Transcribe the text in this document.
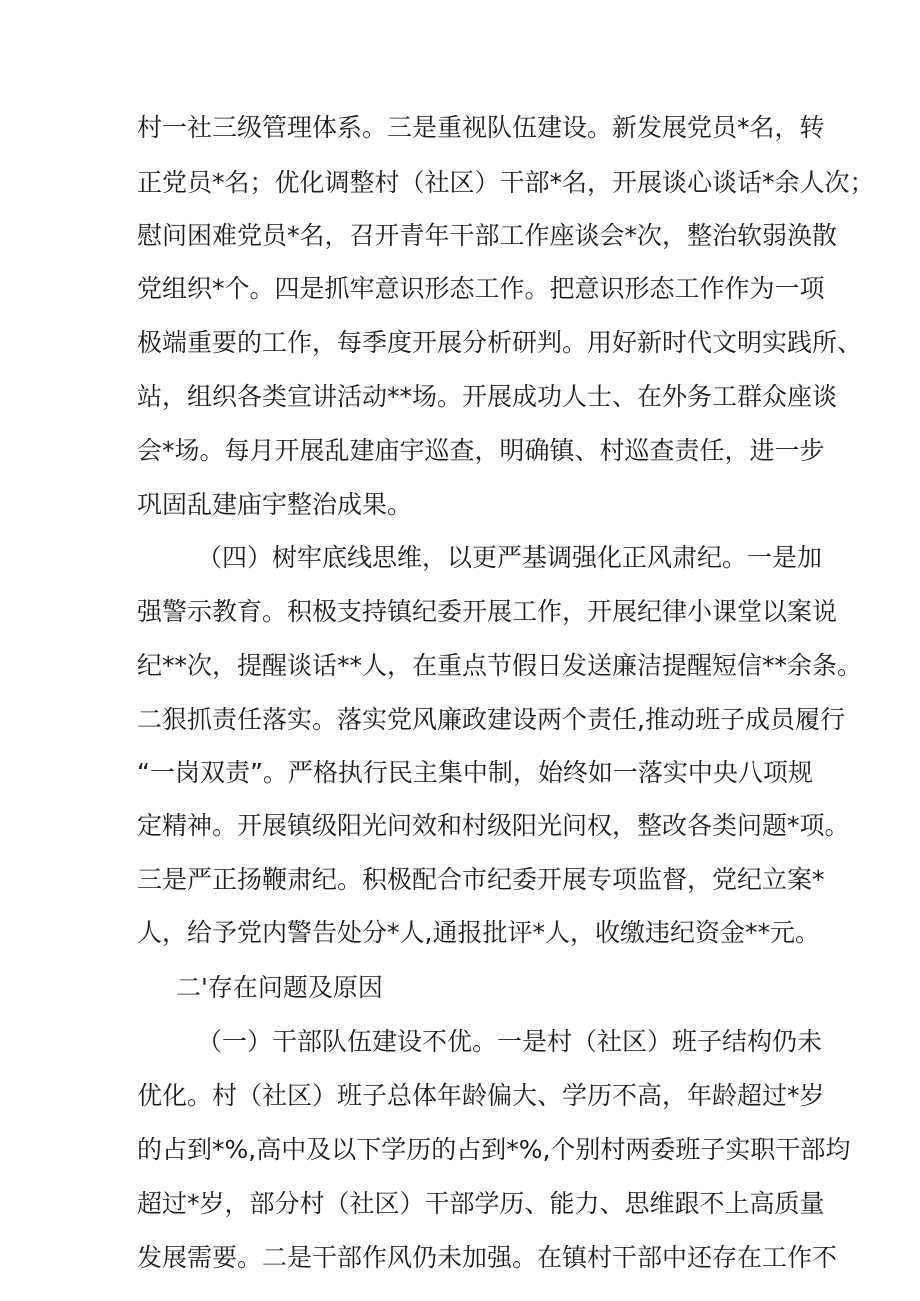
村一社三级管理体系。三是重视队伍建设。新发展党员*名，转
正党员*名；优化调整村（社区）干部*名，开展谈心谈话*余人次；
慰问困难党员*名，召开青年干部工作座谈会*次，整治软弱涣散
党组织*个。四是抓牢意识形态工作。把意识形态工作作为一项
极端重要的工作，每季度开展分析研判。用好新时代文明实践所、
站，组织各类宣讲活动**场。开展成功人士、在外务工群众座谈
会*场。每月开展乱建庙宇巡查，明确镇、村巡查责任，进一步
巩固乱建庙宇整治成果。
（四）树牢底线思维，以更严基调强化正风肃纪。一是加
强警示教育。积极支持镇纪委开展工作，开展纪律小课堂以案说
纪**次，提醒谈话**人，在重点节假日发送廉洁提醒短信**余条。
二狠抓责任落实。落实党风廉政建设两个责任,推动班子成员履行
“一岗双责”。严格执行民主集中制，始终如一落实中央八项规
定精神。开展镇级阳光问效和村级阳光问权，整改各类问题*项。
三是严正扬鞭肃纪。积极配合市纪委开展专项监督，党纪立案*
人，给予党内警告处分*人,通报批评*人，收缴违纪资金**元。
二'存在问题及原因
（一）干部队伍建设不优。一是村（社区）班子结构仍未
优化。村（社区）班子总体年龄偏大、学历不高，年龄超过*岁
的占到*%,高中及以下学历的占到*%,个别村两委班子实职干部均
超过*岁，部分村（社区）干部学历、能力、思维跟不上高质量
发展需要。二是干部作风仍未加强。在镇村干部中还存在工作不
